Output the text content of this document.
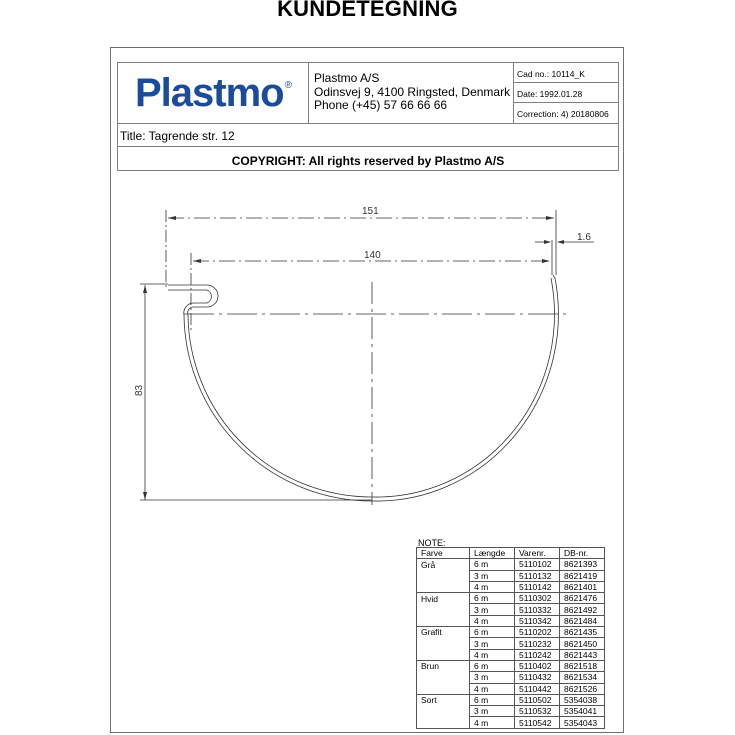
KUNDETEGNING
Plastmo®
Plastmo A/S
Odinsvej 9, 4100 Ringsted, Denmark
Phone (+45) 57 66 66 66
Cad no.: 10114_K
Date: 1992.01.28
Correction: 4) 20180806
Title: Tagrende str. 12
COPYRIGHT: All rights reserved by Plastmo A/S
151
140
1.6
83
NOTE:
Farve	Længde	Varenr.	DB-nr.
Grå	6 m	5110102	8621393
	3 m	5110132	8621419
	4 m	5110142	8621401
Hvid	6 m	5110302	8621476
	3 m	5110332	8621492
	4 m	5110342	8621484
Grafit	6 m	5110202	8621435
	3 m	5110232	8621450
	4 m	5110242	8621443
Brun	6 m	5110402	8621518
	3 m	5110432	8621534
	4 m	5110442	8621526
Sort	6 m	5110502	5354038
	3 m	5110532	5354041
	4 m	5110542	5354043
